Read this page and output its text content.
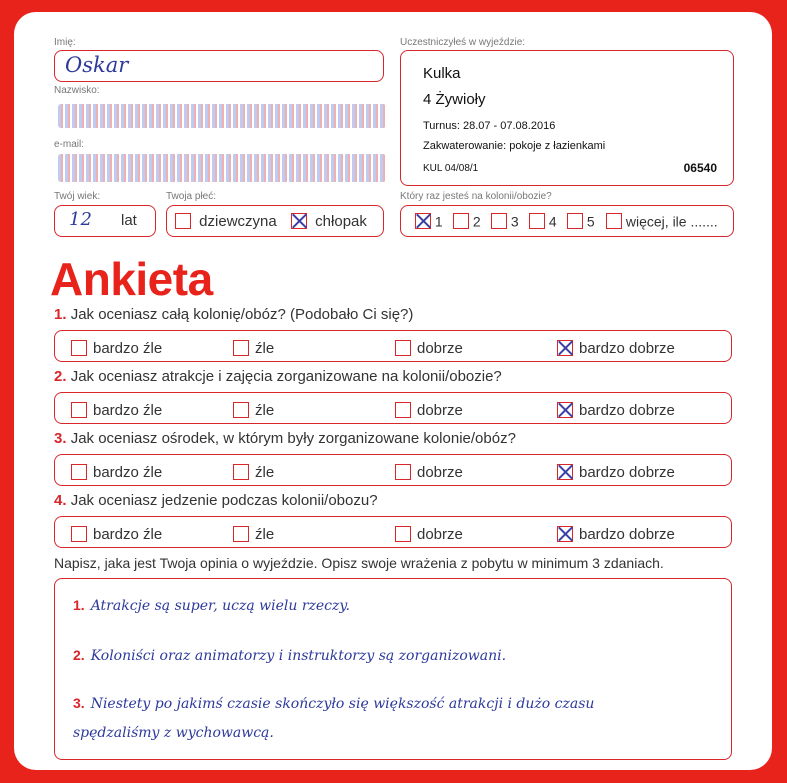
Imię:
Oskar
Nazwisko:
e-mail:
Twój wiek:
12 lat
Twoja płeć:
dziewczyna	chłopak
Uczestniczyłeś w wyjeździe:
Kulka
4 Żywioły
Turnus: 28.07 - 07.08.2016
Zakwaterowanie: pokoje z łazienkami
KUL 04/08/1	06540
Który raz jesteś na kolonii/obozie?
1	2	3	4	5	więcej, ile .......
Ankieta
1. Jak oceniasz całą kolonię/obóz? (Podobało Ci się?)
bardzo źle	źle	dobrze	bardzo dobrze
2. Jak oceniasz atrakcje i zajęcia zorganizowane na kolonii/obozie?
bardzo źle	źle	dobrze	bardzo dobrze
3. Jak oceniasz ośrodek, w którym były zorganizowane kolonie/obóz?
bardzo źle	źle	dobrze	bardzo dobrze
4. Jak oceniasz jedzenie podczas kolonii/obozu?
bardzo źle	źle	dobrze	bardzo dobrze
Napisz, jaka jest Twoja opinia o wyjeździe. Opisz swoje wrażenia z pobytu w minimum 3 zdaniach.
1. Atrakcje są super, uczą wielu rzeczy.
2. Koloniści oraz animatorzy i instruktorzy są zorganizowani.
3. Niestety po jakimś czasie skończyło się większość atrakcji i dużo czasu
spędzaliśmy z wychowawcą.
